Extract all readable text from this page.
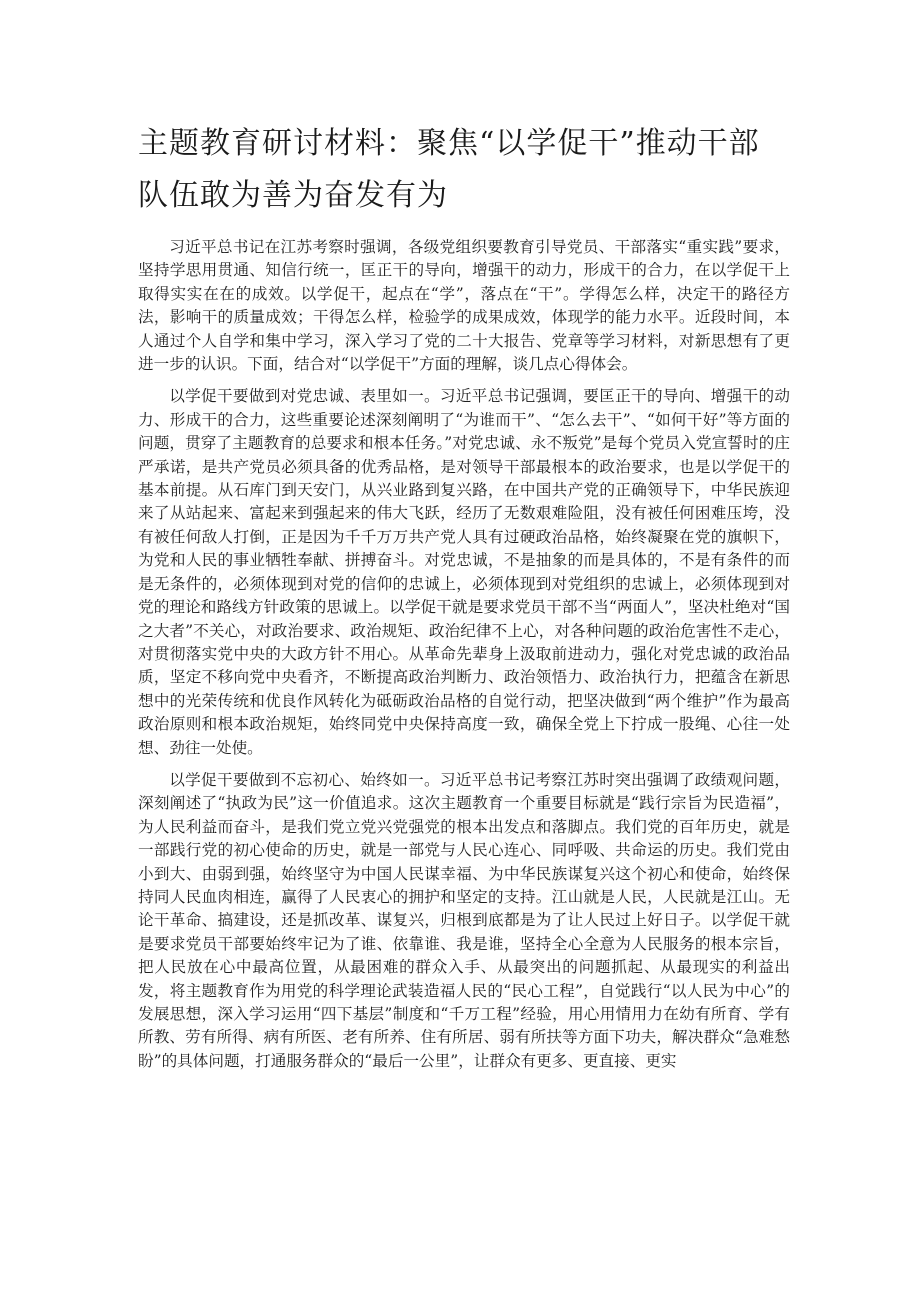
主题教育研讨材料：聚焦“以学促干”推动干部队伍敢为善为奋发有为

习近平总书记在江苏考察时强调，各级党组织要教育引导党员、干部落实“重实践”要求，坚持学思用贯通、知信行统一，匡正干的导向，增强干的动力，形成干的合力，在以学促干上取得实实在在的成效。以学促干，起点在“学”，落点在“干”。学得怎么样，决定干的路径方法，影响干的质量成效；干得怎么样，检验学的成果成效，体现学的能力水平。近段时间，本人通过个人自学和集中学习，深入学习了党的二十大报告、党章等学习材料，对新思想有了更进一步的认识。下面，结合对“以学促干”方面的理解，谈几点心得体会。

以学促干要做到对党忠诚、表里如一。习近平总书记强调，要匡正干的导向、增强干的动力、形成干的合力，这些重要论述深刻阐明了“为谁而干”、“怎么去干”、“如何干好”等方面的问题，贯穿了主题教育的总要求和根本任务。”对党忠诚、永不叛党”是每个党员入党宣誓时的庄严承诺，是共产党员必须具备的优秀品格，是对领导干部最根本的政治要求，也是以学促干的基本前提。从石库门到天安门，从兴业路到复兴路，在中国共产党的正确领导下，中华民族迎来了从站起来、富起来到强起来的伟大飞跃，经历了无数艰难险阻，没有被任何困难压垮，没有被任何敌人打倒，正是因为千千万万共产党人具有过硬政治品格，始终凝聚在党的旗帜下，为党和人民的事业牺牲奉献、拼搏奋斗。对党忠诚，不是抽象的而是具体的，不是有条件的而是无条件的，必须体现到对党的信仰的忠诚上，必须体现到对党组织的忠诚上，必须体现到对党的理论和路线方针政策的思诚上。以学促干就是要求党员干部不当“两面人”，坚决杜绝对“国之大者”不关心，对政治要求、政治规矩、政治纪律不上心，对各种问题的政治危害性不走心，对贯彻落实党中央的大政方针不用心。从革命先辈身上汲取前进动力，强化对党忠诚的政治品质，坚定不移向党中央看齐，不断提高政治判断力、政治领悟力、政治执行力，把蕴含在新思想中的光荣传统和优良作风转化为砥砺政治品格的自觉行动，把坚决做到“两个维护”作为最高政治原则和根本政治规矩，始终同党中央保持高度一致，确保全党上下拧成一股绳、心往一处想、劲往一处使。

以学促干要做到不忘初心、始终如一。习近平总书记考察江苏时突出强调了政绩观问题，深刻阐述了“执政为民”这一价值追求。这次主题教育一个重要目标就是“践行宗旨为民造福”，为人民利益而奋斗，是我们党立党兴党强党的根本出发点和落脚点。我们党的百年历史，就是一部践行党的初心使命的历史，就是一部党与人民心连心、同呼吸、共命运的历史。我们党由小到大、由弱到强，始终坚守为中国人民谋幸福、为中华民族谋复兴这个初心和使命，始终保持同人民血肉相连，赢得了人民衷心的拥护和坚定的支持。江山就是人民，人民就是江山。无论干革命、搞建设，还是抓改革、谋复兴，归根到底都是为了让人民过上好日子。以学促干就是要求党员干部要始终牢记为了谁、依靠谁、我是谁，坚持全心全意为人民服务的根本宗旨，把人民放在心中最高位置，从最困难的群众入手、从最突出的问题抓起、从最现实的利益出发，将主题教育作为用党的科学理论武装造福人民的“民心工程”，自觉践行“以人民为中心”的发展思想，深入学习运用“四下基层”制度和“千万工程”经验，用心用情用力在幼有所育、学有所教、劳有所得、病有所医、老有所养、住有所居、弱有所扶等方面下功夫，解决群众“急难愁盼”的具体问题，打通服务群众的“最后一公里”，让群众有更多、更直接、更实
